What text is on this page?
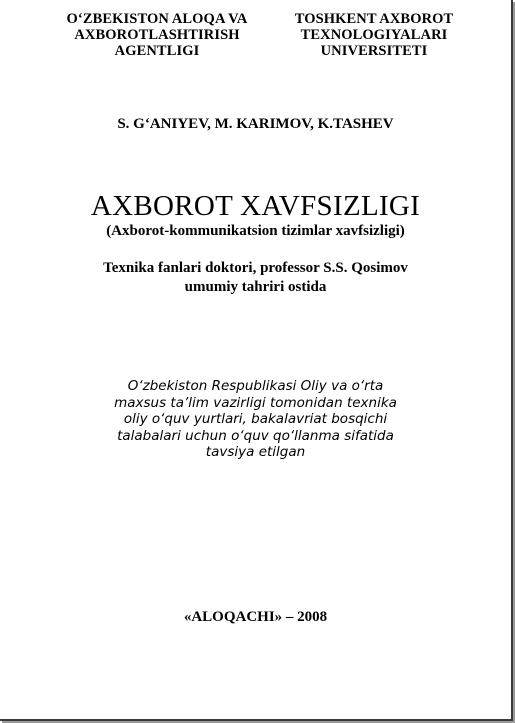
O‘ZBEKISTON ALOQA VA
AXBOROTLASHTIRISH
AGENTLIGI
TOSHKENT AXBOROT
TEXNOLOGIYALARI
UNIVERSITETI
S. G‘ANIYEV, M. KARIMOV, K.TASHEV
AXBOROT XAVFSIZLIGI
(Axborot-kommunikatsion tizimlar xavfsizligi)
Texnika fanlari doktori, professor S.S. Qosimov
umumiy tahriri ostida
O‘zbekiston Respublikasi Oliy va o‘rta
maxsus ta’lim vazirligi tomonidan texnika
oliy o‘quv yurtlari, bakalavriat bosqichi
talabalari uchun o‘quv qo‘llanma sifatida
tavsiya etilgan
«ALOQACHI» – 2008
